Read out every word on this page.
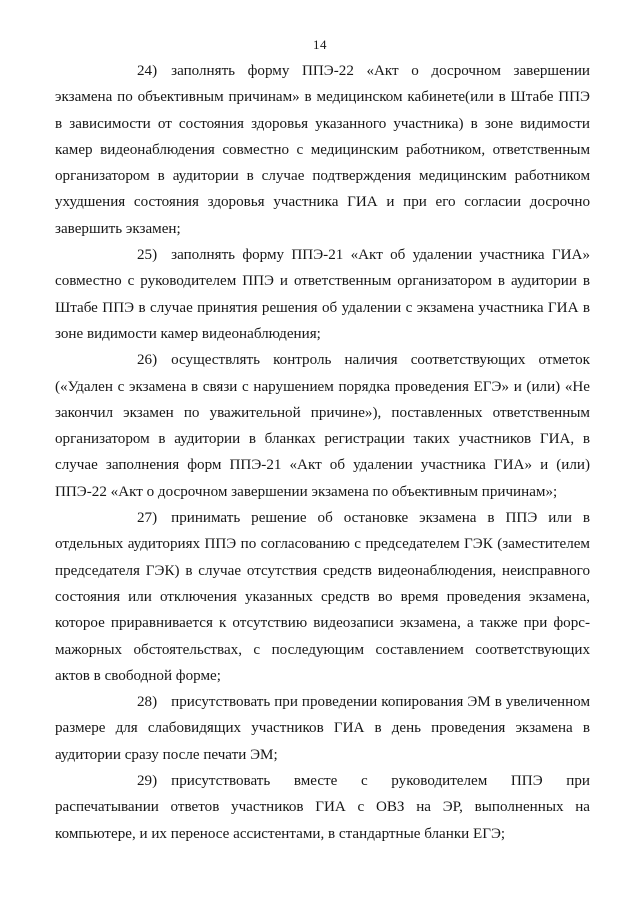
14

24) заполнять форму ППЭ-22 «Акт о досрочном завершении экзамена по объективным причинам» в медицинском кабинете(или в Штабе ППЭ в зависимости от состояния здоровья указанного участника) в зоне видимости камер видеонаблюдения совместно с медицинским работником, ответственным организатором в аудитории в случае подтверждения медицинским работником ухудшения состояния здоровья участника ГИА и при его согласии досрочно завершить экзамен;

25) заполнять форму ППЭ-21 «Акт об удалении участника ГИА» совместно с руководителем ППЭ и ответственным организатором в аудитории в Штабе ППЭ в случае принятия решения об удалении с экзамена участника ГИА в зоне видимости камер видеонаблюдения;

26) осуществлять контроль наличия соответствующих отметок («Удален с экзамена в связи с нарушением порядка проведения ЕГЭ» и (или) «Не закончил экзамен по уважительной причине»), поставленных ответственным организатором в аудитории в бланках регистрации таких участников ГИА, в случае заполнения форм ППЭ-21 «Акт об удалении участника ГИА» и (или) ППЭ-22 «Акт о досрочном завершении экзамена по объективным причинам»;

27) принимать решение об остановке экзамена в ППЭ или в отдельных аудиториях ППЭ по согласованию с председателем ГЭК (заместителем председателя ГЭК) в случае отсутствия средств видеонаблюдения, неисправного состояния или отключения указанных средств во время проведения экзамена, которое приравнивается к отсутствию видеозаписи экзамена, а также при форс-мажорных обстоятельствах, с последующим составлением соответствующих актов в свободной форме;

28) присутствовать при проведении копирования ЭМ в увеличенном размере для слабовидящих участников ГИА в день проведения экзамена в аудитории сразу после печати ЭМ;

29) присутствовать вместе с руководителем ППЭ при распечатывании ответов участников ГИА с ОВЗ на ЭР, выполненных на компьютере, и их переносе ассистентами, в стандартные бланки ЕГЭ;
